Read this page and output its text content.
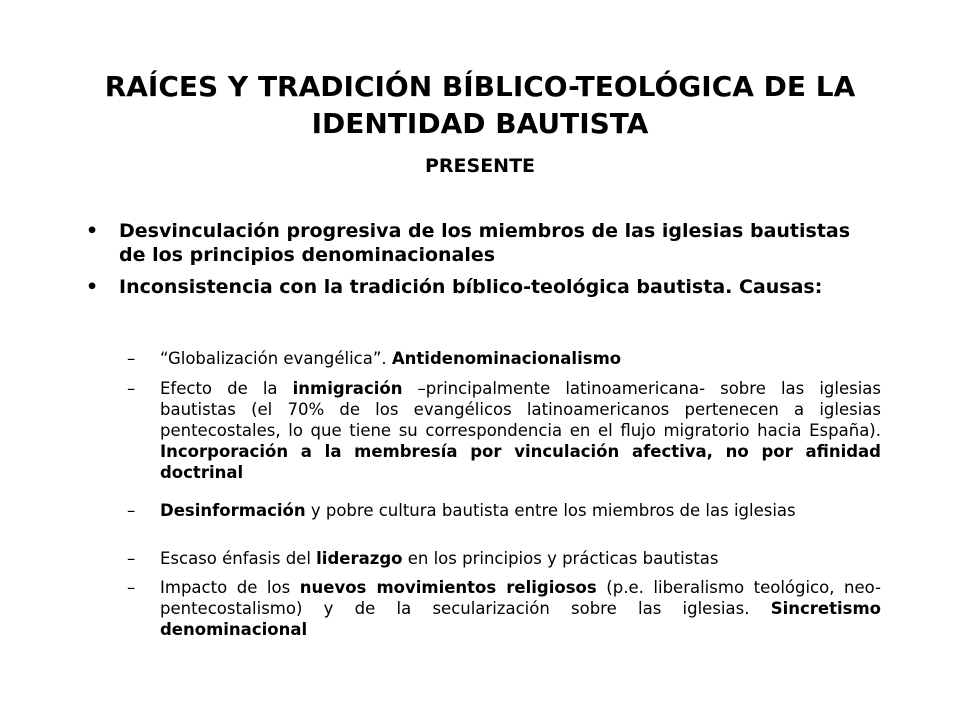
RAÍCES Y TRADICIÓN BÍBLICO-TEOLÓGICA DE LA
IDENTIDAD BAUTISTA
PRESENTE
•	Desvinculación progresiva de los miembros de las iglesias bautistas de los principios denominacionales
•	Inconsistencia con la tradición bíblico-teológica bautista. Causas:
–	“Globalización evangélica”. Antidenominacionalismo
–	Efecto de la inmigración –principalmente latinoamericana- sobre las iglesias bautistas (el 70% de los evangélicos latinoamericanos pertenecen a iglesias pentecostales, lo que tiene su correspondencia en el flujo migratorio hacia España). Incorporación a la membresía por vinculación afectiva, no por afinidad doctrinal
–	Desinformación y pobre cultura bautista entre los miembros de las iglesias
–	Escaso énfasis del liderazgo en los principios y prácticas bautistas
–	Impacto de los nuevos movimientos religiosos (p.e. liberalismo teológico, neo-pentecostalismo) y de la secularización sobre las iglesias. Sincretismo denominacional
